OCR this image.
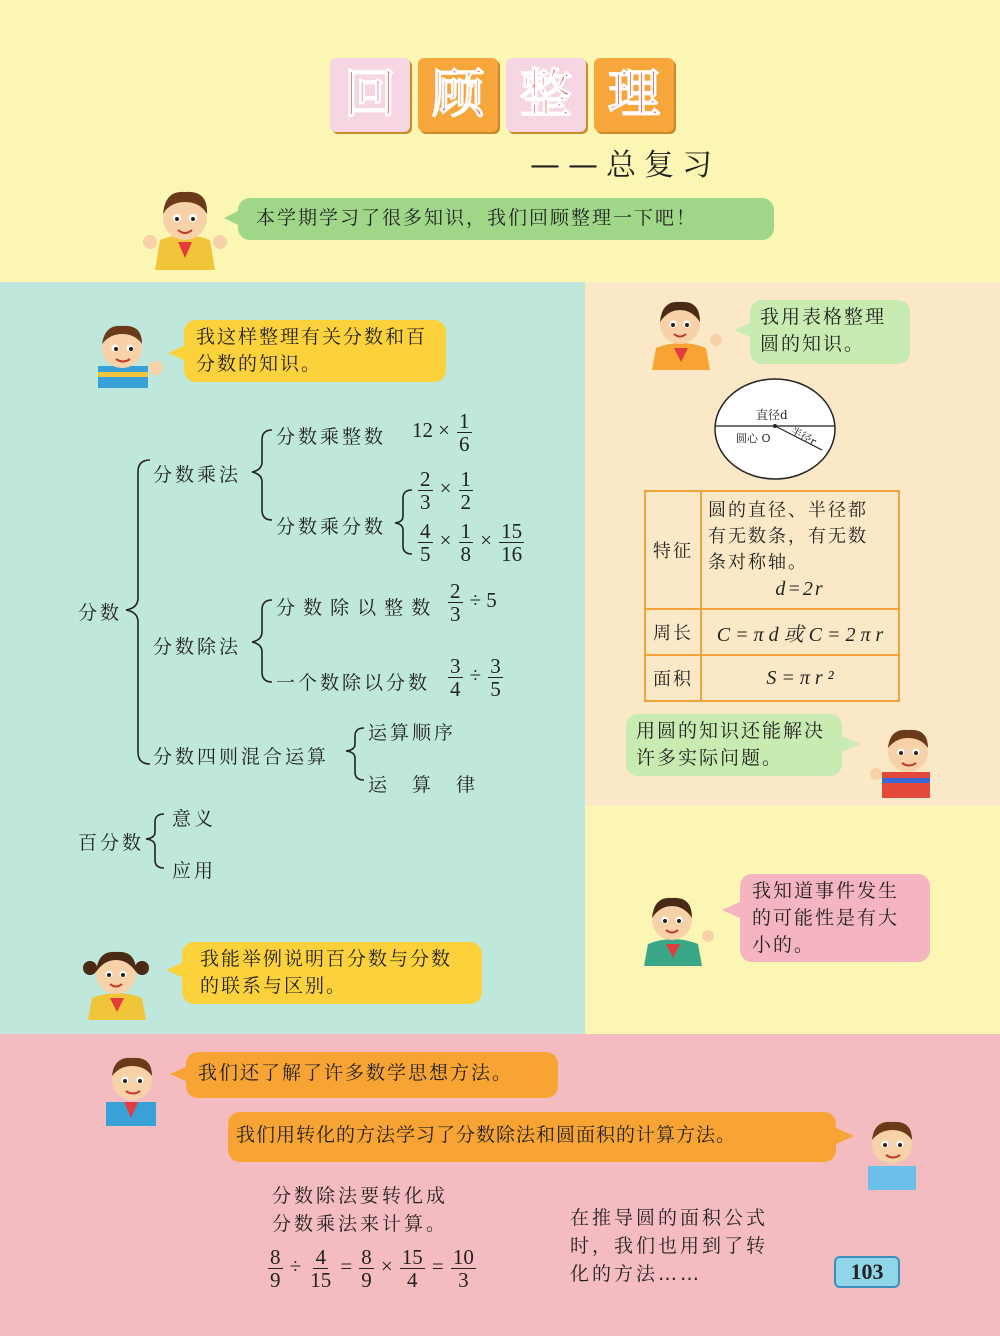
回 顾 整 理
——总复习
本学期学习了很多知识，我们回顾整理一下吧！
我这样整理有关分数和百分数的知识。
分数
分数乘法
分数乘整数 $12 \times \frac{1}{6}$
分数乘分数
$\frac{2}{3} \times \frac{1}{2}$
$\frac{4}{5} \times \frac{1}{8} \times \frac{15}{16}$
分数除法
分 数 除 以 整 数 $\frac{2}{3} \div 5$
一个数除以分数 $\frac{3}{4} \div \frac{3}{5}$
分数四则混合运算
运算顺序
运　算　律
百分数
意义
应用
我能举例说明百分数与分数的联系与区别。
我用表格整理圆的知识。
直径d
圆心 O 半径r
特征	圆的直径、半径都
有无数条，有无数
条对称轴。
d=2r

周长	C = π d 或 C = 2 π r
面积	S = π r ²
用圆的知识还能解决许多实际问题。
我知道事件发生的可能性是有大小的。
我们还了解了许多数学思想方法。
我们用转化的方法学习了分数除法和圆面积的计算方法。
分数除法要转化成
分数乘法来计算。
$\frac{8}{9} \div \frac{4}{15} = \frac{8}{9} \times \frac{15}{4} = \frac{10}{3}$
在推导圆的面积公式
时，我们也用到了转
化的方法……	103
